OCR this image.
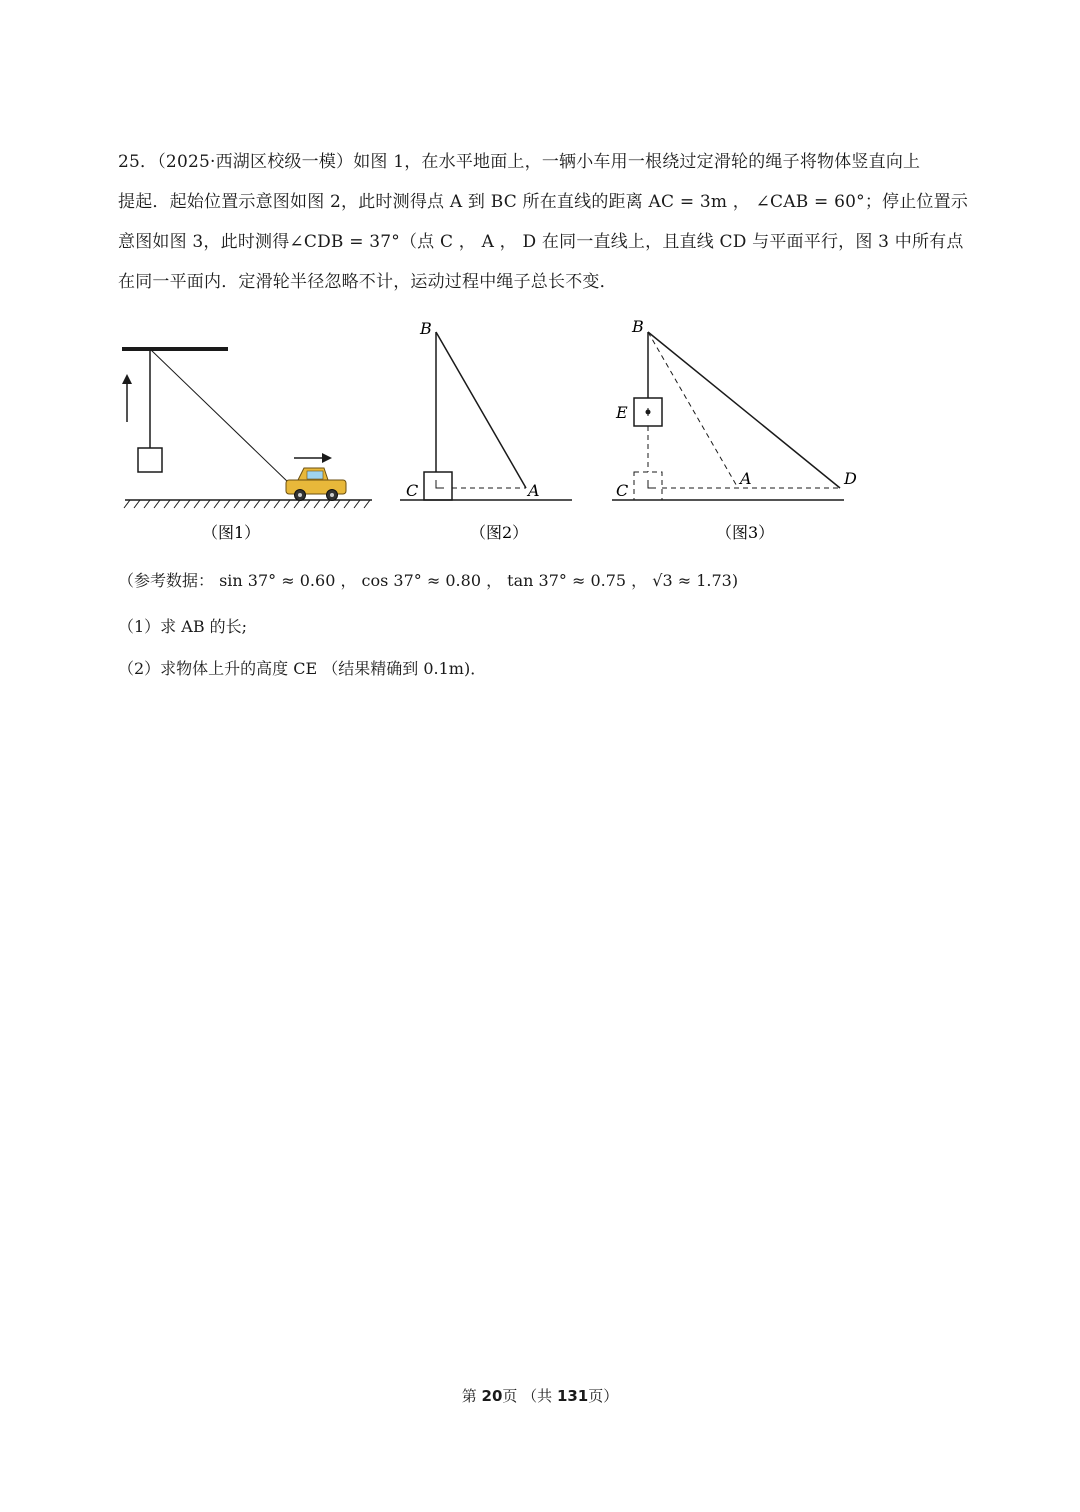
25．（2025·西湖区校级一模）如图 1，在水平地面上，一辆小车用一根绕过定滑轮的绳子将物体竖直向上

提起．起始位置示意图如图 2，此时测得点 A 到 BC 所在直线的距离 AC = 3m ， ∠CAB = 60°；停止位置示

意图如图 3，此时测得∠CDB = 37°（点 C ， A ， D 在同一直线上，且直线 CD 与平面平行，图 3 中所有点

在同一平面内．定滑轮半径忽略不计，运动过程中绳子总长不变．

（图1）
B
C	A
（图2）
B
E
C
A	D
（图3）
（参考数据： sin 37° ≈ 0.60 ， cos 37° ≈ 0.80 ， tan 37° ≈ 0.75 ， √3 ≈ 1.73)
（1）求 AB 的长;
（2）求物体上升的高度 CE （结果精确到 0.1m)．
第 20页 （共 131页）
